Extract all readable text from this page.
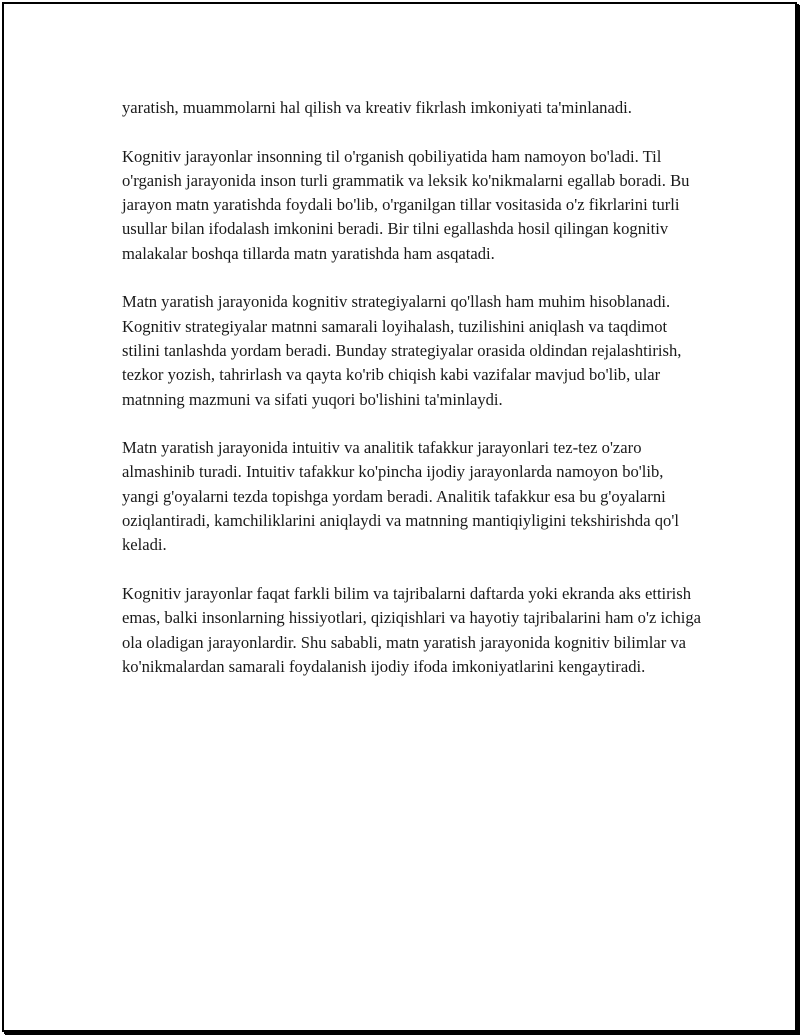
yaratish, muammolarni hal qilish va kreativ fikrlash imkoniyati ta'minlanadi.

Kognitiv jarayonlar insonning til o'rganish qobiliyatida ham namoyon bo'ladi. Til o'rganish jarayonida inson turli grammatik va leksik ko'nikmalarni egallab boradi. Bu jarayon matn yaratishda foydali bo'lib, o'rganilgan tillar vositasida o'z fikrlarini turli usullar bilan ifodalash imkonini beradi. Bir tilni egallashda hosil qilingan kognitiv malakalar boshqa tillarda matn yaratishda ham asqatadi.

Matn yaratish jarayonida kognitiv strategiyalarni qo'llash ham muhim hisoblanadi. Kognitiv strategiyalar matnni samarali loyihalash, tuzilishini aniqlash va taqdimot stilini tanlashda yordam beradi. Bunday strategiyalar orasida oldindan rejalashtirish, tezkor yozish, tahrirlash va qayta ko'rib chiqish kabi vazifalar mavjud bo'lib, ular matnning mazmuni va sifati yuqori bo'lishini ta'minlaydi.

Matn yaratish jarayonida intuitiv va analitik tafakkur jarayonlari tez-tez o'zaro almashinib turadi. Intuitiv tafakkur ko'pincha ijodiy jarayonlarda namoyon bo'lib, yangi g'oyalarni tezda topishga yordam beradi. Analitik tafakkur esa bu g'oyalarni oziqlantiradi, kamchiliklarini aniqlaydi va matnning mantiqiyligini tekshirishda qo'l keladi.

Kognitiv jarayonlar faqat farkli bilim va tajribalarni daftarda yoki ekranda aks ettirish emas, balki insonlarning hissiyotlari, qiziqishlari va hayotiy tajribalarini ham o'z ichiga ola oladigan jarayonlardir. Shu sababli, matn yaratish jarayonida kognitiv bilimlar va ko'nikmalardan samarali foydalanish ijodiy ifoda imkoniyatlarini kengaytiradi.
